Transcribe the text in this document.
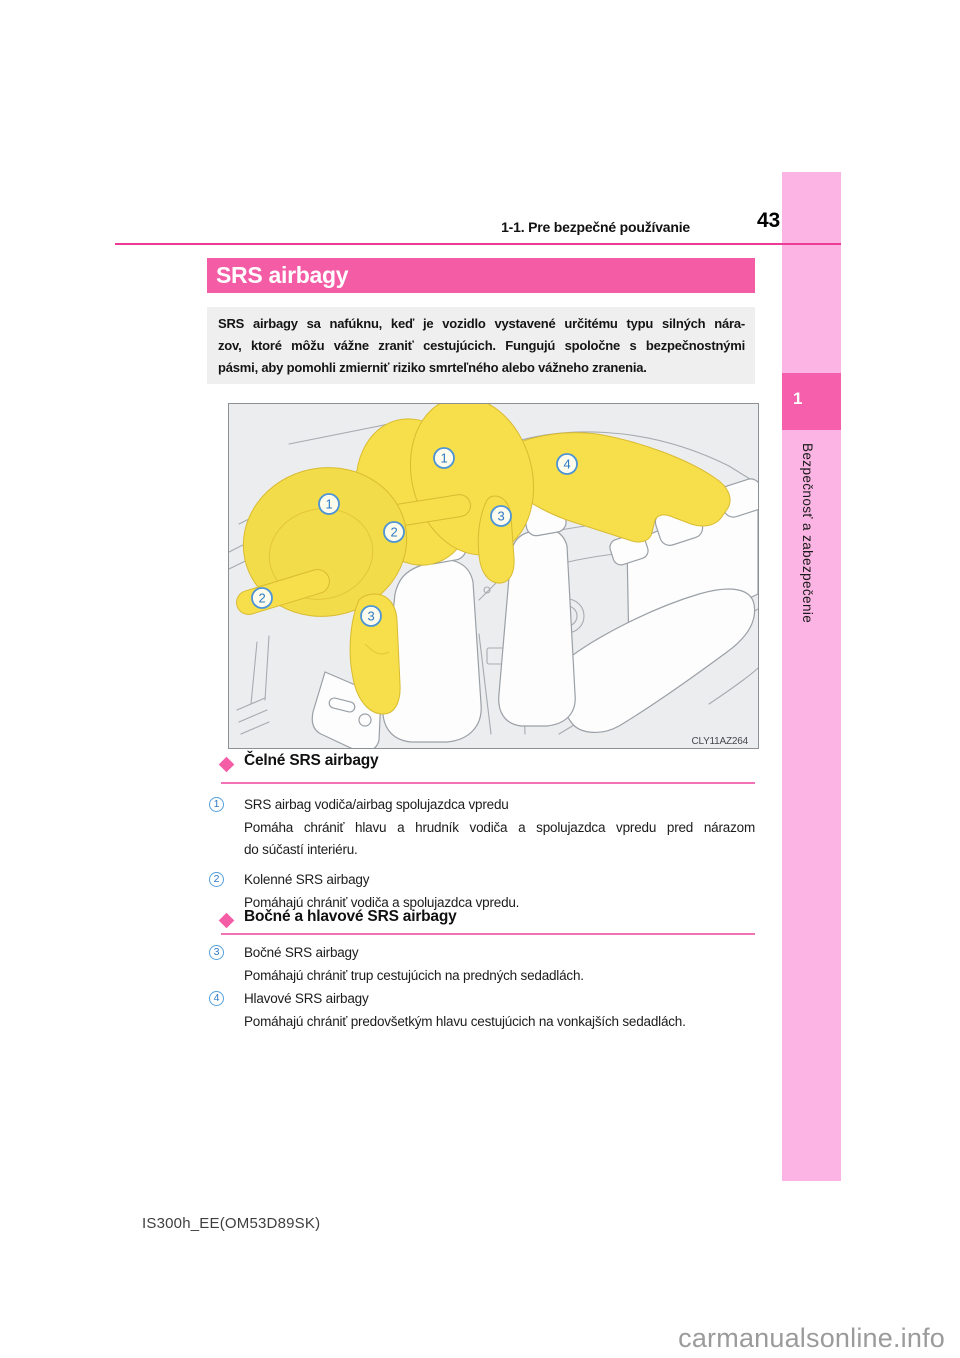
1
Bezpečnosť a zabezpečenie
1-1. Pre bezpečné používanie	43
SRS airbagy
SRS airbagy sa nafúknu, keď je vozidlo vystavené určitému typu silných nára-
zov, ktoré môžu vážne zraniť cestujúcich. Fungujú spoločne s bezpečnostnými
pásmi, aby pomohli zmierniť riziko smrteľného alebo vážneho zranenia.
1
1
2
2
3
3
4
CLY11AZ264
Čelné SRS airbagy
1	SRS airbag vodiča/airbag spolujazdca vpredu
Pomáha chrániť hlavu a hrudník vodiča a spolujazdca vpredu pred nárazom
do súčastí interiéru.
2	Kolenné SRS airbagy
Pomáhajú chrániť vodiča a spolujazdca vpredu.
Bočné a hlavové SRS airbagy
3	Bočné SRS airbagy
Pomáhajú chrániť trup cestujúcich na predných sedadlách.
4	Hlavové SRS airbagy
Pomáhajú chrániť predovšetkým hlavu cestujúcich na vonkajších sedadlách.
IS300h_EE(OM53D89SK)
carmanualsonline.info
